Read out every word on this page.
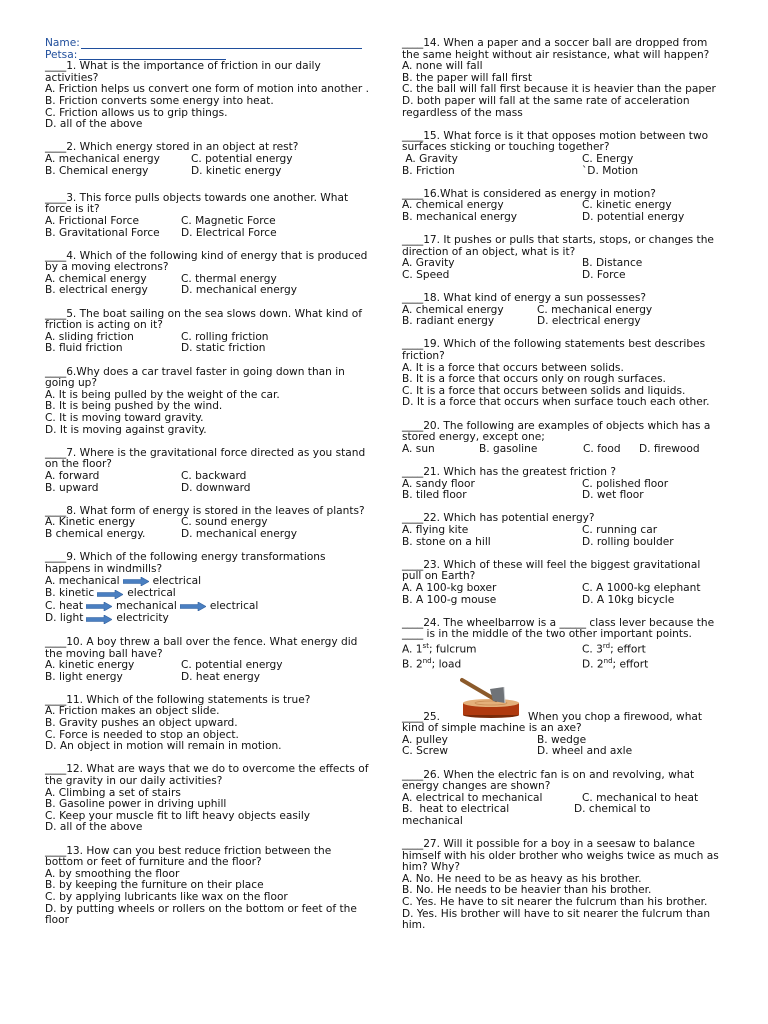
Name:
Petsa:
____1. What is the importance of friction in our daily activities?
A. Friction helps us convert one form of motion into another .
B. Friction converts some energy into heat.
C. Friction allows us to grip things.
D. all of the above
____2. Which energy stored in an object at rest?
A. mechanical energy	C. potential energy
B. Chemical energy	D. kinetic energy
____3. This force pulls objects towards one another. What force is it?
A. Frictional Force	C. Magnetic Force
B. Gravitational Force	D. Electrical Force
____4. Which of the following kind of energy that is produced by a moving electrons?
A. chemical energy	C. thermal energy
B. electrical energy	D. mechanical energy
____5. The boat sailing on the sea slows down. What kind of friction is acting on it?
A. sliding friction	C. rolling friction
B. fluid friction	D. static friction
____6.Why does a car travel faster in going down than in going up?
A. It is being pulled by the weight of the car.
B. It is being pushed by the wind.
C. It is moving toward gravity.
D. It is moving against gravity.
____7. Where is the gravitational force directed as you stand on the floor?
A. forward	C. backward
B. upward	D. downward
____8. What form of energy is stored in the leaves of plants?
A. Kinetic energy	C. sound energy
B chemical energy.	D. mechanical energy
____9. Which of the following energy transformations happens in windmills?
A. mechanical	electrical
B. kinetic	electrical
C. heat	mechanical	electrical
D. light	electricity
____10. A boy threw a ball over the fence. What energy did the moving ball have?
A. kinetic energy	C. potential energy
B. light energy	D. heat energy
____11. Which of the following statements is true?
A. Friction makes an object slide.
B. Gravity pushes an object upward.
C. Force is needed to stop an object.
D. An object in motion will remain in motion.
____12. What are ways that we do to overcome the effects of the gravity in our daily activities?
A. Climbing a set of stairs
B. Gasoline power in driving uphill
C. Keep your muscle fit to lift heavy objects easily
D. all of the above
____13. How can you best reduce friction between the bottom or feet of furniture and the floor?
A. by smoothing the floor
B. by keeping the furniture on their place
C. by applying lubricants like wax on the floor
D. by putting wheels or rollers on the bottom or feet of the floor
____14. When a paper and a soccer ball are dropped from the same height without air resistance, what will happen?
A. none will fall
B. the paper will fall first
C. the ball will fall first because it is heavier than the paper
D. both paper will fall at the same rate of acceleration regardless of the mass
____15. What force is it that opposes motion between two surfaces sticking or touching together?
A. Gravity	C. Energy
B. Friction	`D. Motion
____16.What is considered as energy in motion?
A. chemical energy	C. kinetic energy
B. mechanical energy	D. potential energy
____17. It pushes or pulls that starts, stops, or changes the direction of an object, what is it?
A. Gravity	B. Distance
C. Speed	D. Force
____18. What kind of energy a sun possesses?
A. chemical energy	C. mechanical energy
B. radiant energy	D. electrical energy
____19. Which of the following statements best describes friction?
A. It is a force that occurs between solids.
B. It is a force that occurs only on rough surfaces.
C. It is a force that occurs between solids and liquids.
D. It is a force that occurs when surface touch each other.
____20. The following are examples of objects which has a stored energy, except one;
A. sun	B. gasoline	C. food	D. firewood
____21. Which has the greatest friction ?
A. sandy floor	C. polished floor
B. tiled floor	D. wet floor
____22. Which has potential energy?
A. flying kite	C. running car
B. stone on a hill	D. rolling boulder
____23. Which of these will feel the biggest gravitational pull on Earth?
A. A 100-kg boxer	C. A 1000-kg elephant
B. A 100-g mouse	D. A 10kg bicycle
____24. The wheelbarrow is a _____ class lever because the ____ is in the middle of the two other important points.
A. 1st; fulcrum	C. 3rd; effort
B. 2nd; load	D. 2nd; effort
____25.	When you chop a firewood, what
kind of simple machine is an axe?
A. pulley	B. wedge
C. Screw	D. wheel and axle
____26. When the electric fan is on and revolving, what energy changes are shown?
A. electrical to mechanical	C. mechanical to heat
B.  heat to electrical	D. chemical to
mechanical
____27. Will it possible for a boy in a seesaw to balance himself with his older brother who weighs twice as much as him? Why?
A. No. He need to be as heavy as his brother.
B. No. He needs to be heavier than his brother.
C. Yes. He have to sit nearer the fulcrum than his brother.
D. Yes. His brother will have to sit nearer the fulcrum than him.
